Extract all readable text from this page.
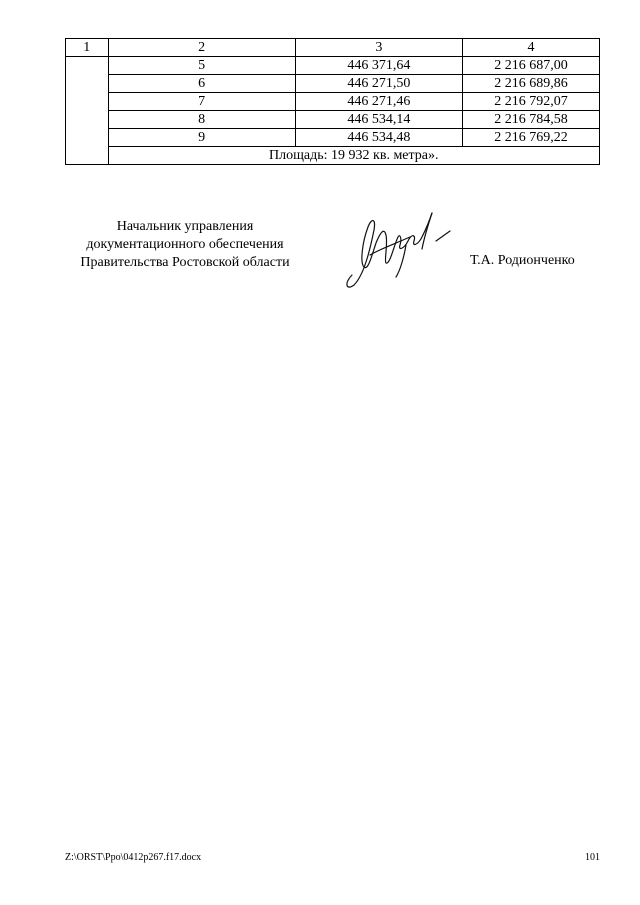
1	2	3	4
	5	446 371,64	2 216 687,00
	6	446 271,50	2 216 689,86
	7	446 271,46	2 216 792,07
	8	446 534,14	2 216 784,58
	9	446 534,48	2 216 769,22
	Площадь: 19 932 кв. метра».		
Начальник управления
документационного обеспечения
Правительства Ростовской области	Т.А. Родионченко
Z:\ORST\Ppo\0412p267.f17.docx	101
